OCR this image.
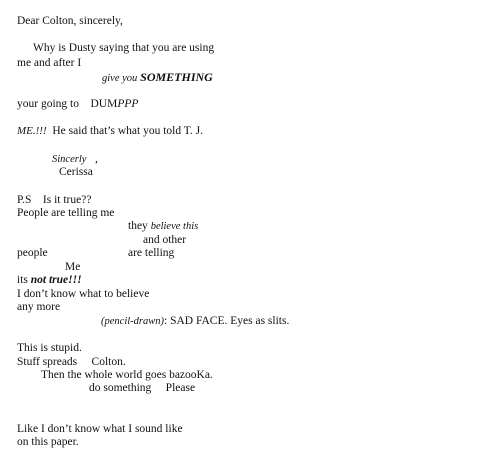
Dear Colton, sincerely,
Why is Dusty saying that you are using
me and after I
give you SOMETHING
your going to DUMPPP
ME.!!! He said that’s what you told T. J.
Sincerly ,
Cerissa
P.S Is it true??
People are telling me
they believe this
and other
people	are telling
Me
its not true!!!
I don’t know what to believe
any more
(pencil-drawn): SAD FACE. Eyes as slits.
This is stupid.
Stuff spreads Colton.
Then the whole world goes bazooKa.
do something Please
Like I don’t know what I sound like
on this paper.
